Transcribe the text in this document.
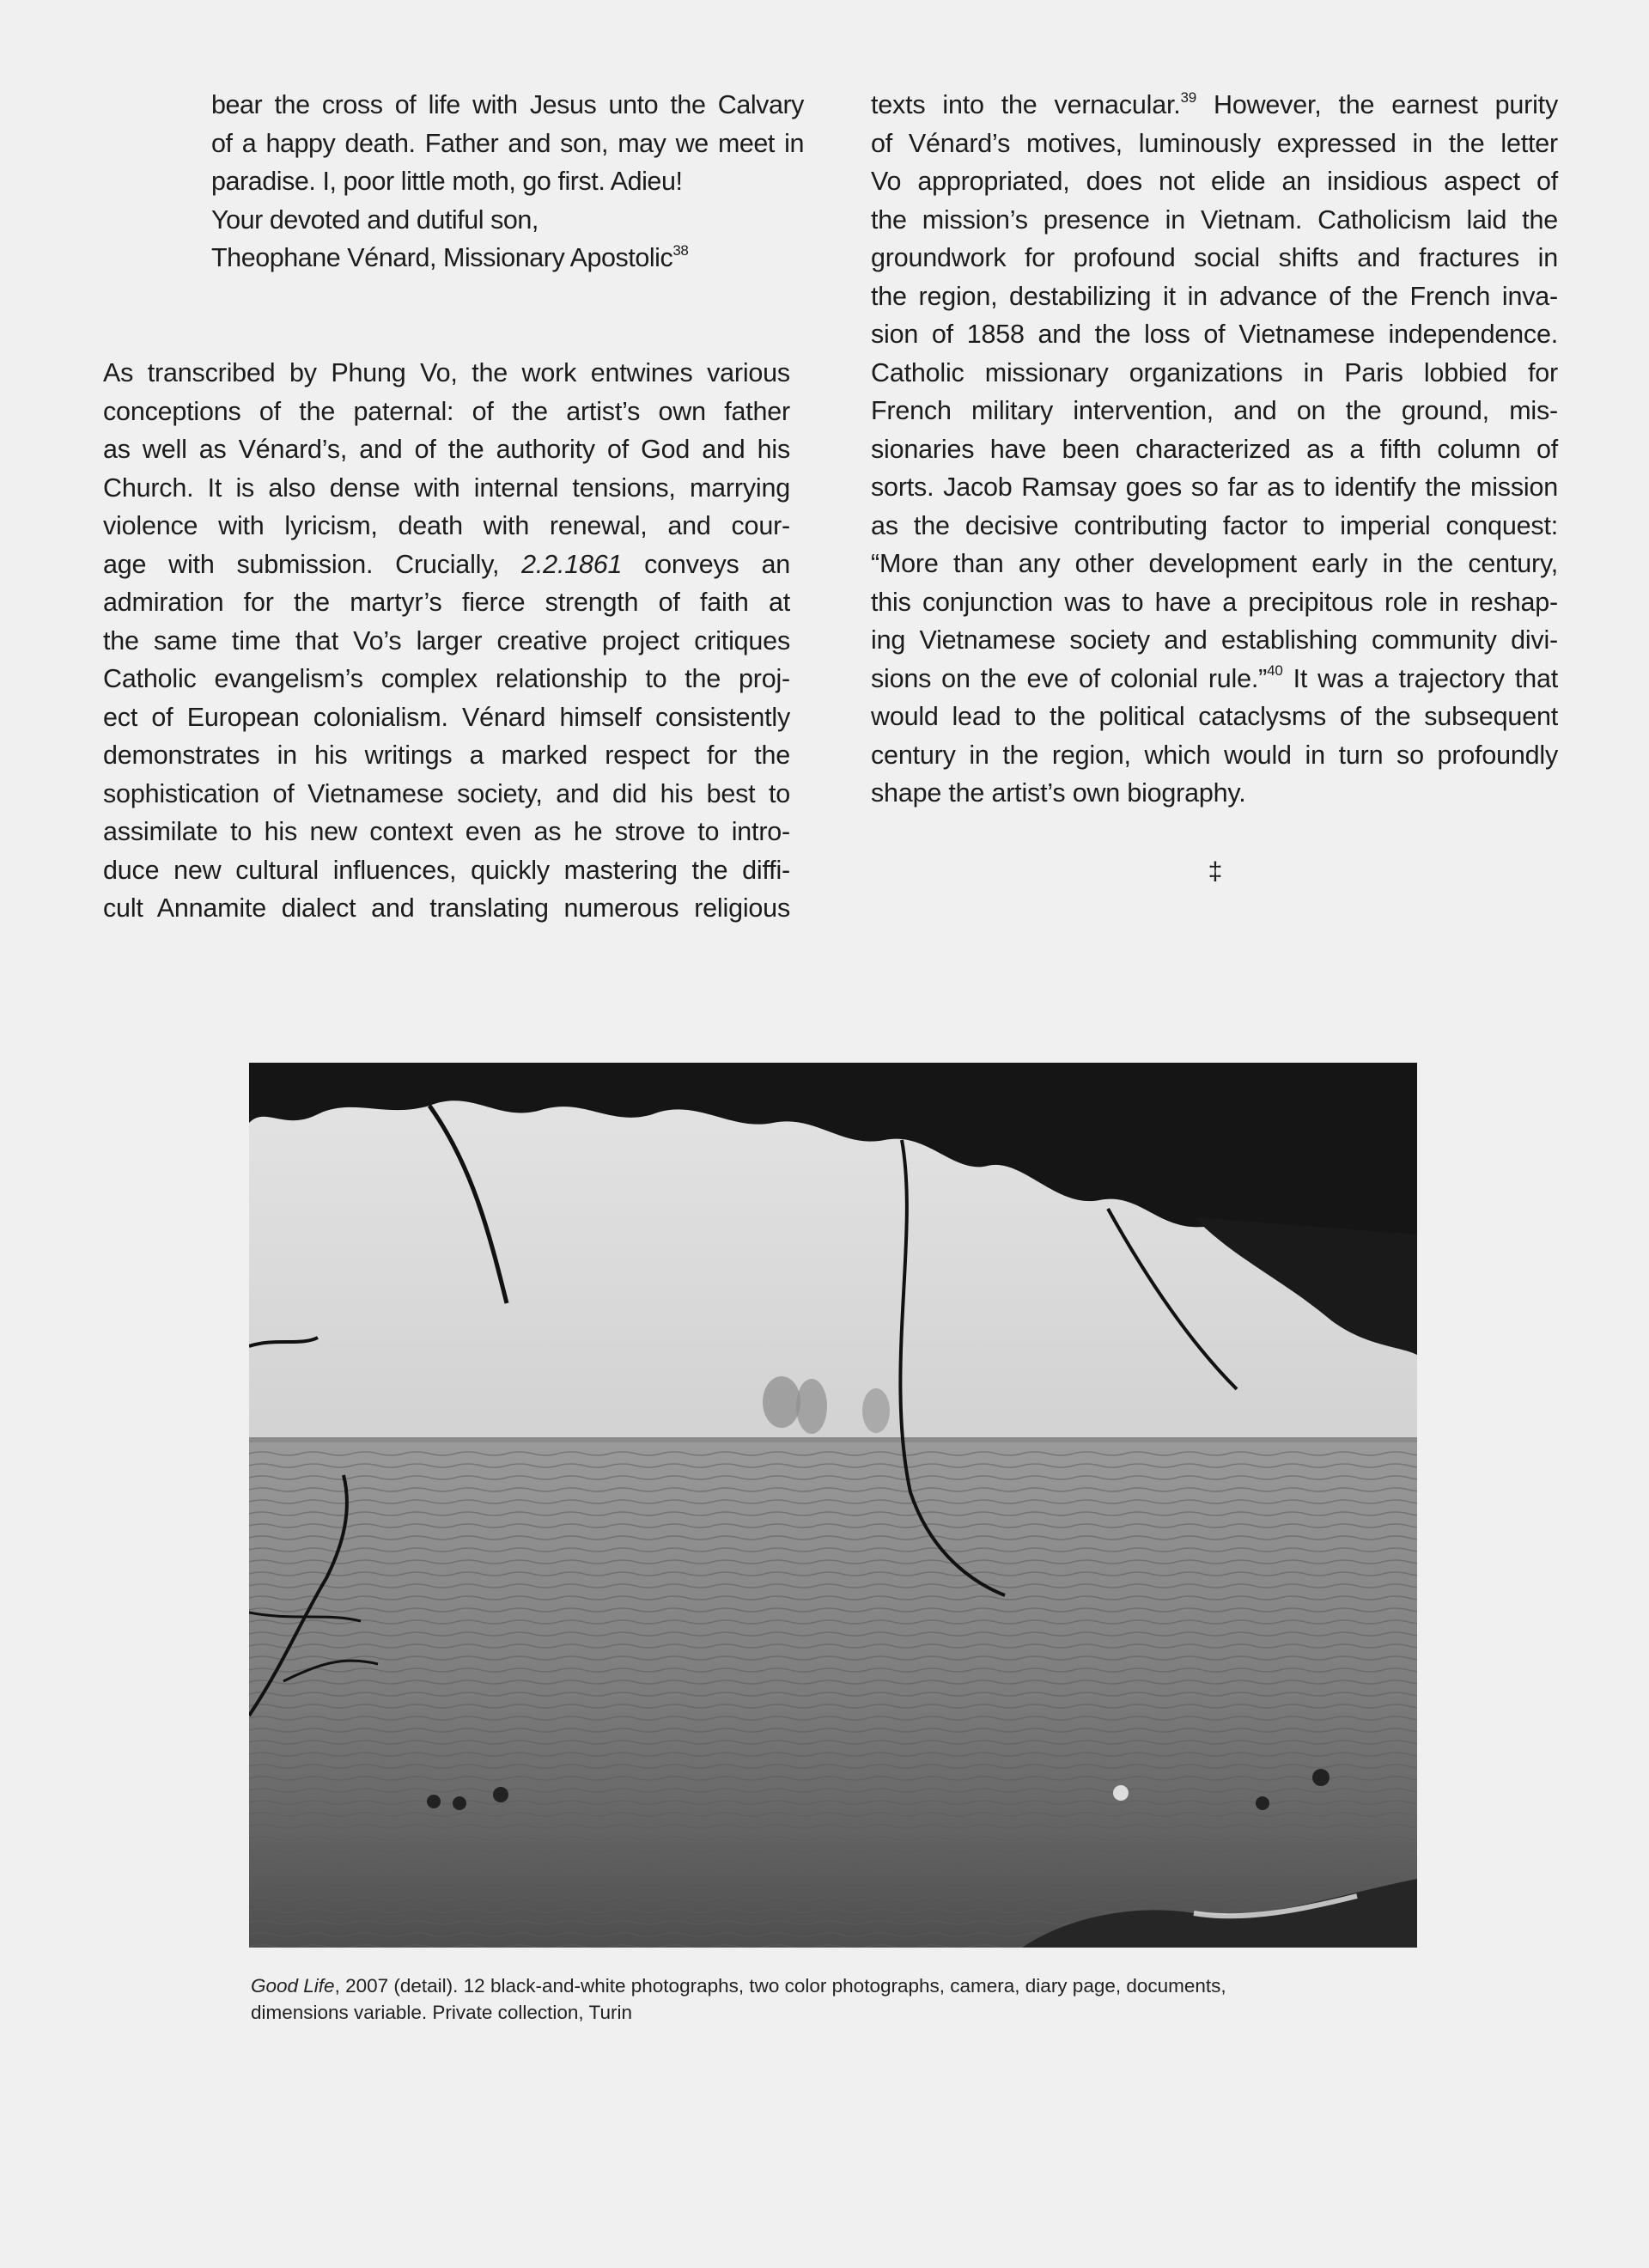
bear the cross of life with Jesus unto the Calvary

of a happy death. Father and son, may we meet in

paradise. I, poor little moth, go first. Adieu!

Your devoted and dutiful son,

Theophane Vénard, Missionary Apostolic$^{38}$

As transcribed by Phung Vo, the work entwines various
conceptions of the paternal: of the artist’s own father
as well as Vénard’s, and of the authority of God and his
Church. It is also dense with internal tensions, marrying
violence with lyricism, death with renewal, and cour-
age with submission. Crucially, 2.2.1861 conveys an
admiration for the martyr’s fierce strength of faith at
the same time that Vo’s larger creative project critiques
Catholic evangelism’s complex relationship to the proj-
ect of European colonialism. Vénard himself consistently
demonstrates in his writings a marked respect for the
sophistication of Vietnamese society, and did his best to
assimilate to his new context even as he strove to intro-
duce new cultural influences, quickly mastering the diffi-
cult Annamite dialect and translating numerous religious
texts into the vernacular.$^{39}$ However, the earnest purity
of Vénard’s motives, luminously expressed in the letter
Vo appropriated, does not elide an insidious aspect of
the mission’s presence in Vietnam. Catholicism laid the
groundwork for profound social shifts and fractures in
the region, destabilizing it in advance of the French inva-
sion of 1858 and the loss of Vietnamese independence.
Catholic missionary organizations in Paris lobbied for
French military intervention, and on the ground, mis-
sionaries have been characterized as a fifth column of
sorts. Jacob Ramsay goes so far as to identify the mission
as the decisive contributing factor to imperial conquest:
“More than any other development early in the century,
this conjunction was to have a precipitous role in reshap-
ing Vietnamese society and establishing community divi-
sions on the eve of colonial rule.”$^{40}$ It was a trajectory that
would lead to the political cataclysms of the subsequent
century in the region, which would in turn so profoundly
shape the artist’s own biography.
‡
Good Life, 2007 (detail). 12 black-and-white photographs, two color photographs, camera, diary page, documents,
dimensions variable. Private collection, Turin
